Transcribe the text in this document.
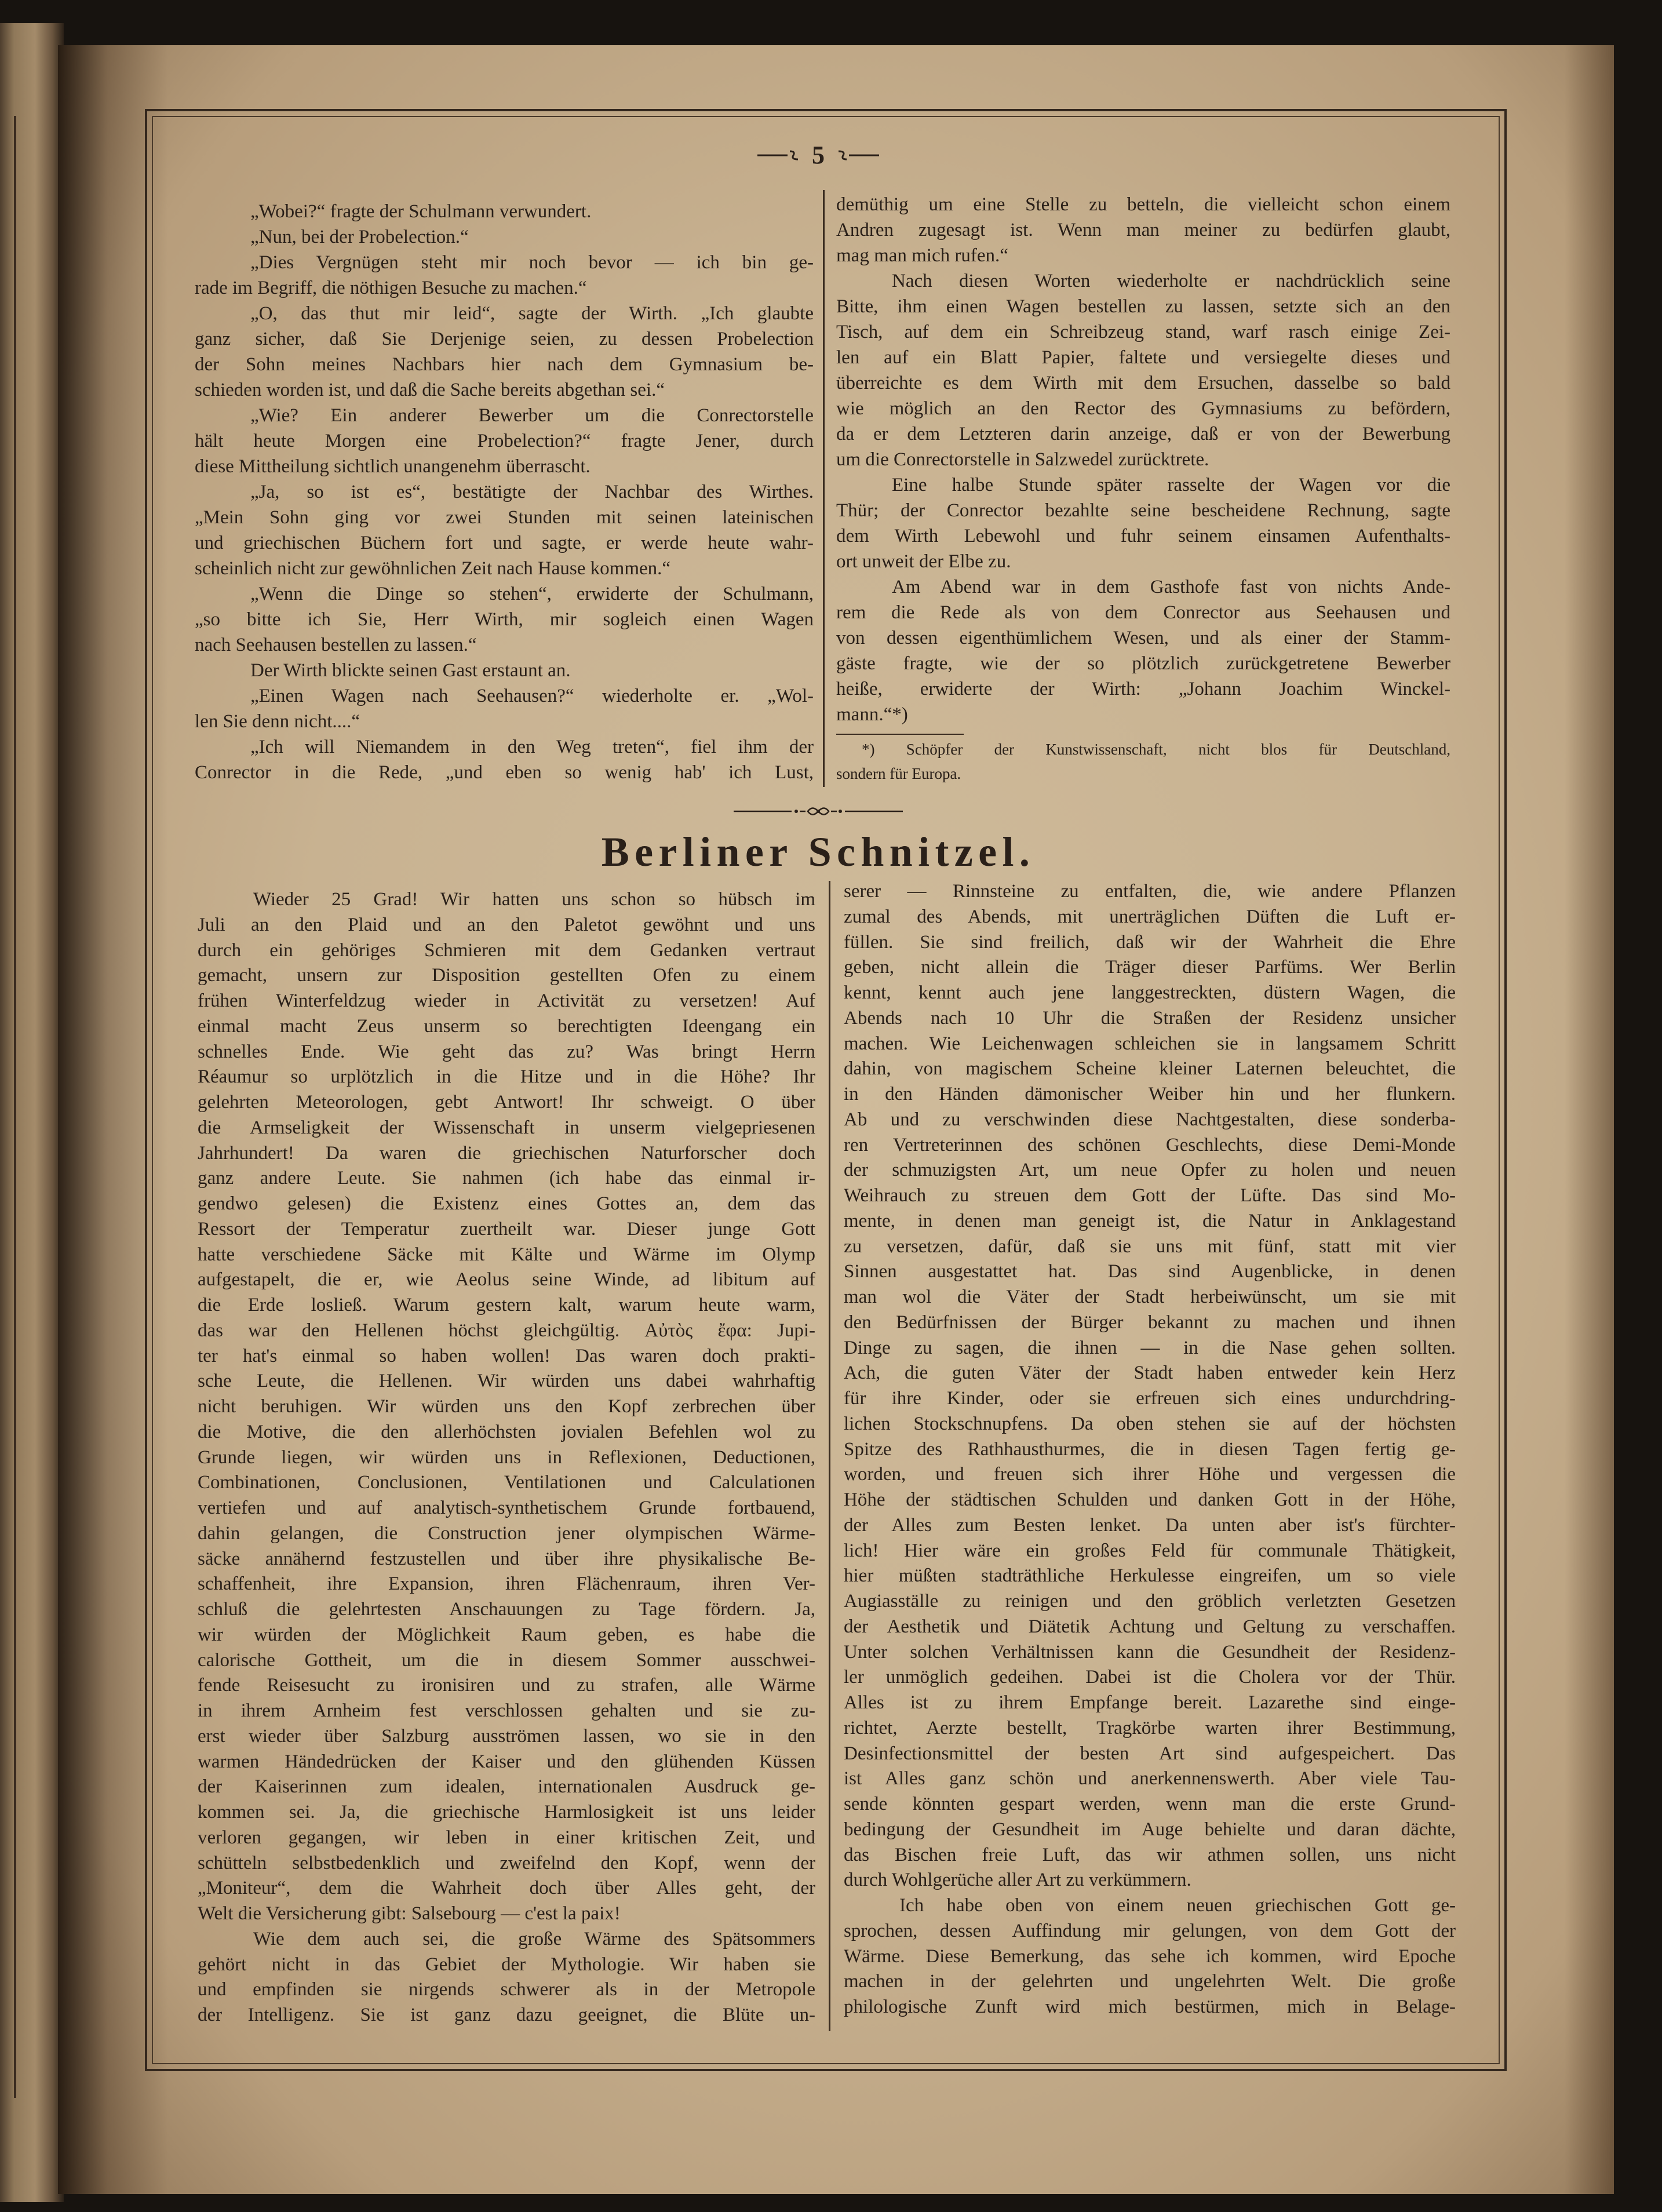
5
„Wobei?“ fragte der Schulmann verwundert.
„Nun, bei der Probelection.“
„Dies Vergnügen steht mir noch bevor — ich bin ge-
rade im Begriff, die nöthigen Besuche zu machen.“
„O, das thut mir leid“, sagte der Wirth. „Ich glaubte
ganz sicher, daß Sie Derjenige seien, zu dessen Probelection
der Sohn meines Nachbars hier nach dem Gymnasium be-
schieden worden ist, und daß die Sache bereits abgethan sei.“
„Wie? Ein anderer Bewerber um die Conrectorstelle
hält heute Morgen eine Probelection?“ fragte Jener, durch
diese Mittheilung sichtlich unangenehm überrascht.
„Ja, so ist es“, bestätigte der Nachbar des Wirthes.
„Mein Sohn ging vor zwei Stunden mit seinen lateinischen
und griechischen Büchern fort und sagte, er werde heute wahr-
scheinlich nicht zur gewöhnlichen Zeit nach Hause kommen.“
„Wenn die Dinge so stehen“, erwiderte der Schulmann,
„so bitte ich Sie, Herr Wirth, mir sogleich einen Wagen
nach Seehausen bestellen zu lassen.“
Der Wirth blickte seinen Gast erstaunt an.
„Einen Wagen nach Seehausen?“ wiederholte er. „Wol-
len Sie denn nicht....“
„Ich will Niemandem in den Weg treten“, fiel ihm der
Conrector in die Rede, „und eben so wenig hab' ich Lust,
demüthig um eine Stelle zu betteln, die vielleicht schon einem
Andren zugesagt ist. Wenn man meiner zu bedürfen glaubt,
mag man mich rufen.“
Nach diesen Worten wiederholte er nachdrücklich seine
Bitte, ihm einen Wagen bestellen zu lassen, setzte sich an den
Tisch, auf dem ein Schreibzeug stand, warf rasch einige Zei-
len auf ein Blatt Papier, faltete und versiegelte dieses und
überreichte es dem Wirth mit dem Ersuchen, dasselbe so bald
wie möglich an den Rector des Gymnasiums zu befördern,
da er dem Letzteren darin anzeige, daß er von der Bewerbung
um die Conrectorstelle in Salzwedel zurücktrete.
Eine halbe Stunde später rasselte der Wagen vor die
Thür; der Conrector bezahlte seine bescheidene Rechnung, sagte
dem Wirth Lebewohl und fuhr seinem einsamen Aufenthalts-
ort unweit der Elbe zu.
Am Abend war in dem Gasthofe fast von nichts Ande-
rem die Rede als von dem Conrector aus Seehausen und
von dessen eigenthümlichem Wesen, und als einer der Stamm-
gäste fragte, wie der so plötzlich zurückgetretene Bewerber
heiße, erwiderte der Wirth: „Johann Joachim Winckel-
mann.“*)
*) Schöpfer der Kunstwissenschaft, nicht blos für Deutschland,
sondern für Europa.
Berliner Schnitzel.
Wieder 25 Grad! Wir hatten uns schon so hübsch im
Juli an den Plaid und an den Paletot gewöhnt und uns
durch ein gehöriges Schmieren mit dem Gedanken vertraut
gemacht, unsern zur Disposition gestellten Ofen zu einem
frühen Winterfeldzug wieder in Activität zu versetzen! Auf
einmal macht Zeus unserm so berechtigten Ideengang ein
schnelles Ende. Wie geht das zu? Was bringt Herrn
Réaumur so urplötzlich in die Hitze und in die Höhe? Ihr
gelehrten Meteorologen, gebt Antwort! Ihr schweigt. O über
die Armseligkeit der Wissenschaft in unserm vielgepriesenen
Jahrhundert! Da waren die griechischen Naturforscher doch
ganz andere Leute. Sie nahmen (ich habe das einmal ir-
gendwo gelesen) die Existenz eines Gottes an, dem das
Ressort der Temperatur zuertheilt war. Dieser junge Gott
hatte verschiedene Säcke mit Kälte und Wärme im Olymp
aufgestapelt, die er, wie Aeolus seine Winde, ad libitum auf
die Erde losließ. Warum gestern kalt, warum heute warm,
das war den Hellenen höchst gleichgültig. Αὐτὸς ἔφα: Jupi-
ter hat's einmal so haben wollen! Das waren doch prakti-
sche Leute, die Hellenen. Wir würden uns dabei wahrhaftig
nicht beruhigen. Wir würden uns den Kopf zerbrechen über
die Motive, die den allerhöchsten jovialen Befehlen wol zu
Grunde liegen, wir würden uns in Reflexionen, Deductionen,
Combinationen, Conclusionen, Ventilationen und Calculationen
vertiefen und auf analytisch-synthetischem Grunde fortbauend,
dahin gelangen, die Construction jener olympischen Wärme-
säcke annähernd festzustellen und über ihre physikalische Be-
schaffenheit, ihre Expansion, ihren Flächenraum, ihren Ver-
schluß die gelehrtesten Anschauungen zu Tage fördern. Ja,
wir würden der Möglichkeit Raum geben, es habe die
calorische Gottheit, um die in diesem Sommer ausschwei-
fende Reisesucht zu ironisiren und zu strafen, alle Wärme
in ihrem Arnheim fest verschlossen gehalten und sie zu-
erst wieder über Salzburg ausströmen lassen, wo sie in den
warmen Händedrücken der Kaiser und den glühenden Küssen
der Kaiserinnen zum idealen, internationalen Ausdruck ge-
kommen sei. Ja, die griechische Harmlosigkeit ist uns leider
verloren gegangen, wir leben in einer kritischen Zeit, und
schütteln selbstbedenklich und zweifelnd den Kopf, wenn der
„Moniteur“, dem die Wahrheit doch über Alles geht, der
Welt die Versicherung gibt: Salsebourg — c'est la paix!
Wie dem auch sei, die große Wärme des Spätsommers
gehört nicht in das Gebiet der Mythologie. Wir haben sie
und empfinden sie nirgends schwerer als in der Metropole
der Intelligenz. Sie ist ganz dazu geeignet, die Blüte un-
serer — Rinnsteine zu entfalten, die, wie andere Pflanzen
zumal des Abends, mit unerträglichen Düften die Luft er-
füllen. Sie sind freilich, daß wir der Wahrheit die Ehre
geben, nicht allein die Träger dieser Parfüms. Wer Berlin
kennt, kennt auch jene langgestreckten, düstern Wagen, die
Abends nach 10 Uhr die Straßen der Residenz unsicher
machen. Wie Leichenwagen schleichen sie in langsamem Schritt
dahin, von magischem Scheine kleiner Laternen beleuchtet, die
in den Händen dämonischer Weiber hin und her flunkern.
Ab und zu verschwinden diese Nachtgestalten, diese sonderba-
ren Vertreterinnen des schönen Geschlechts, diese Demi-Monde
der schmuzigsten Art, um neue Opfer zu holen und neuen
Weihrauch zu streuen dem Gott der Lüfte. Das sind Mo-
mente, in denen man geneigt ist, die Natur in Anklagestand
zu versetzen, dafür, daß sie uns mit fünf, statt mit vier
Sinnen ausgestattet hat. Das sind Augenblicke, in denen
man wol die Väter der Stadt herbeiwünscht, um sie mit
den Bedürfnissen der Bürger bekannt zu machen und ihnen
Dinge zu sagen, die ihnen — in die Nase gehen sollten.
Ach, die guten Väter der Stadt haben entweder kein Herz
für ihre Kinder, oder sie erfreuen sich eines undurchdring-
lichen Stockschnupfens. Da oben stehen sie auf der höchsten
Spitze des Rathhausthurmes, die in diesen Tagen fertig ge-
worden, und freuen sich ihrer Höhe und vergessen die
Höhe der städtischen Schulden und danken Gott in der Höhe,
der Alles zum Besten lenket. Da unten aber ist's fürchter-
lich! Hier wäre ein großes Feld für communale Thätigkeit,
hier müßten stadträthliche Herkulesse eingreifen, um so viele
Augiasställe zu reinigen und den gröblich verletzten Gesetzen
der Aesthetik und Diätetik Achtung und Geltung zu verschaffen.
Unter solchen Verhältnissen kann die Gesundheit der Residenz-
ler unmöglich gedeihen. Dabei ist die Cholera vor der Thür.
Alles ist zu ihrem Empfange bereit. Lazarethe sind einge-
richtet, Aerzte bestellt, Tragkörbe warten ihrer Bestimmung,
Desinfectionsmittel der besten Art sind aufgespeichert. Das
ist Alles ganz schön und anerkennenswerth. Aber viele Tau-
sende könnten gespart werden, wenn man die erste Grund-
bedingung der Gesundheit im Auge behielte und daran dächte,
das Bischen freie Luft, das wir athmen sollen, uns nicht
durch Wohlgerüche aller Art zu verkümmern.
Ich habe oben von einem neuen griechischen Gott ge-
sprochen, dessen Auffindung mir gelungen, von dem Gott der
Wärme. Diese Bemerkung, das sehe ich kommen, wird Epoche
machen in der gelehrten und ungelehrten Welt. Die große
philologische Zunft wird mich bestürmen, mich in Belage-
